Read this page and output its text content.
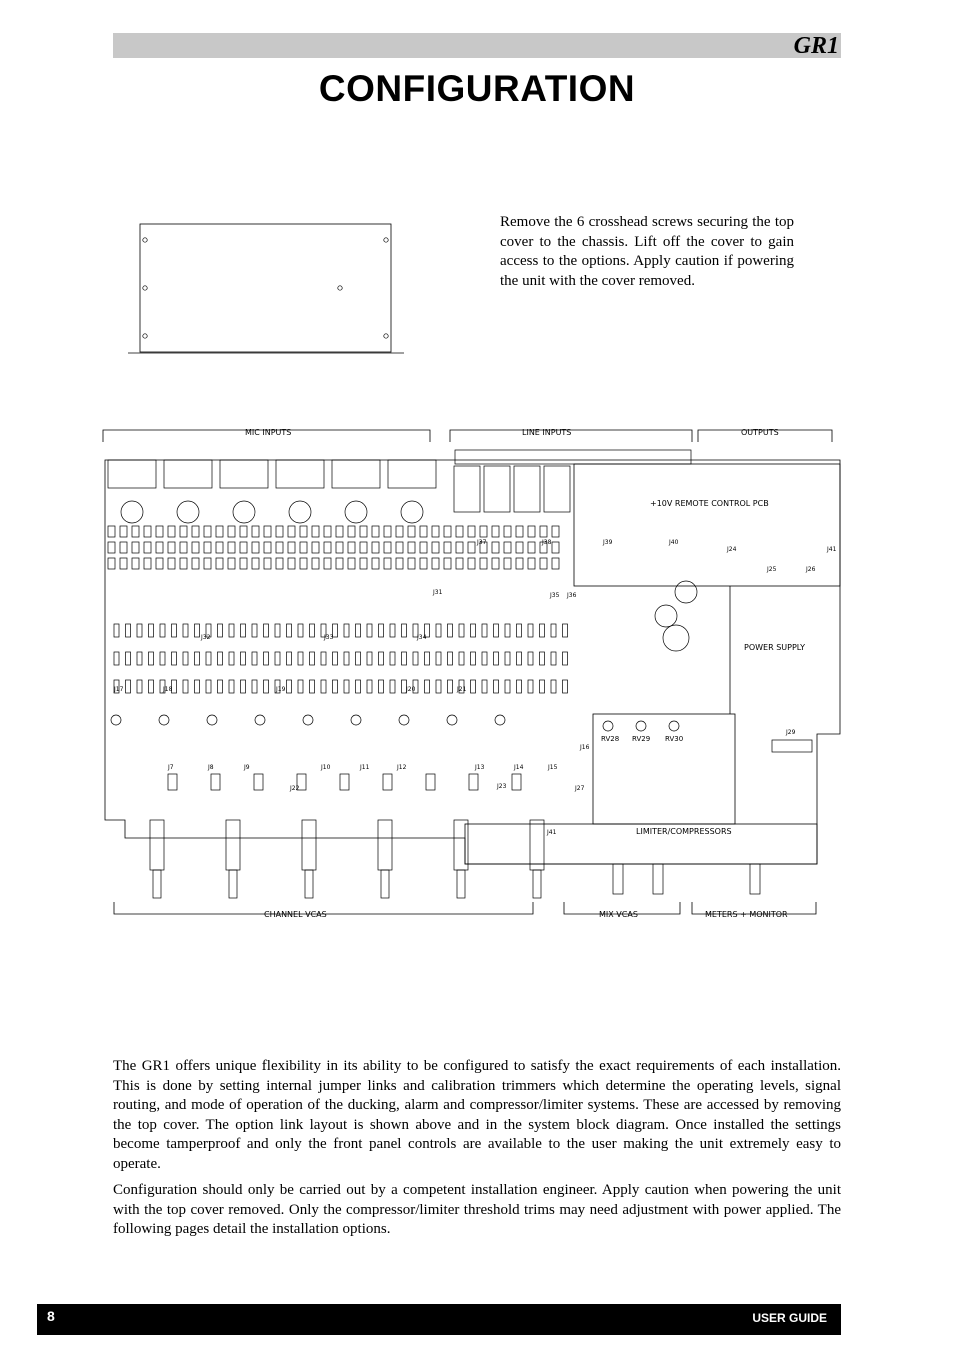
GR1
CONFIGURATION

Remove the 6 crosshead screws securing the top cover to the chassis. Lift off the cover to gain access to the options. Apply caution if powering the unit with the cover removed.

MIC INPUTS	LINE INPUTS	OUTPUTS
CHANNEL VCAS	MIX VCAS	METERS + MONITOR
+10V REMOTE CONTROL PCB
POWER SUPPLY
LIMITER/COMPRESSORS
RV28 RV29 RV30
J31
J37	J38	J39	J40
J24
J25	J26
J41
J32	J33	J34
J35 J36
J17	J18	J19	J20	J21
J7	J8	J9	J10	J11	J12	J13	J14	J15
J16
J22	J23	J27
J29
J41

The GR1 offers unique flexibility in its ability to be configured to satisfy the exact requirements of each installation. This is done by setting internal jumper links and calibration trimmers which determine the operating levels, signal routing, and mode of operation of the ducking, alarm and compressor/limiter systems. These are accessed by removing the top cover. The option link layout is shown above and in the system block diagram. Once installed the settings become tamperproof and only the front panel controls are available to the user making the unit extremely easy to operate.

Configuration should only be carried out by a competent installation engineer. Apply caution when powering the unit with the top cover removed. Only the compressor/limiter threshold trims may need adjustment with power applied. The following pages detail the installation options.

8	USER GUIDE
